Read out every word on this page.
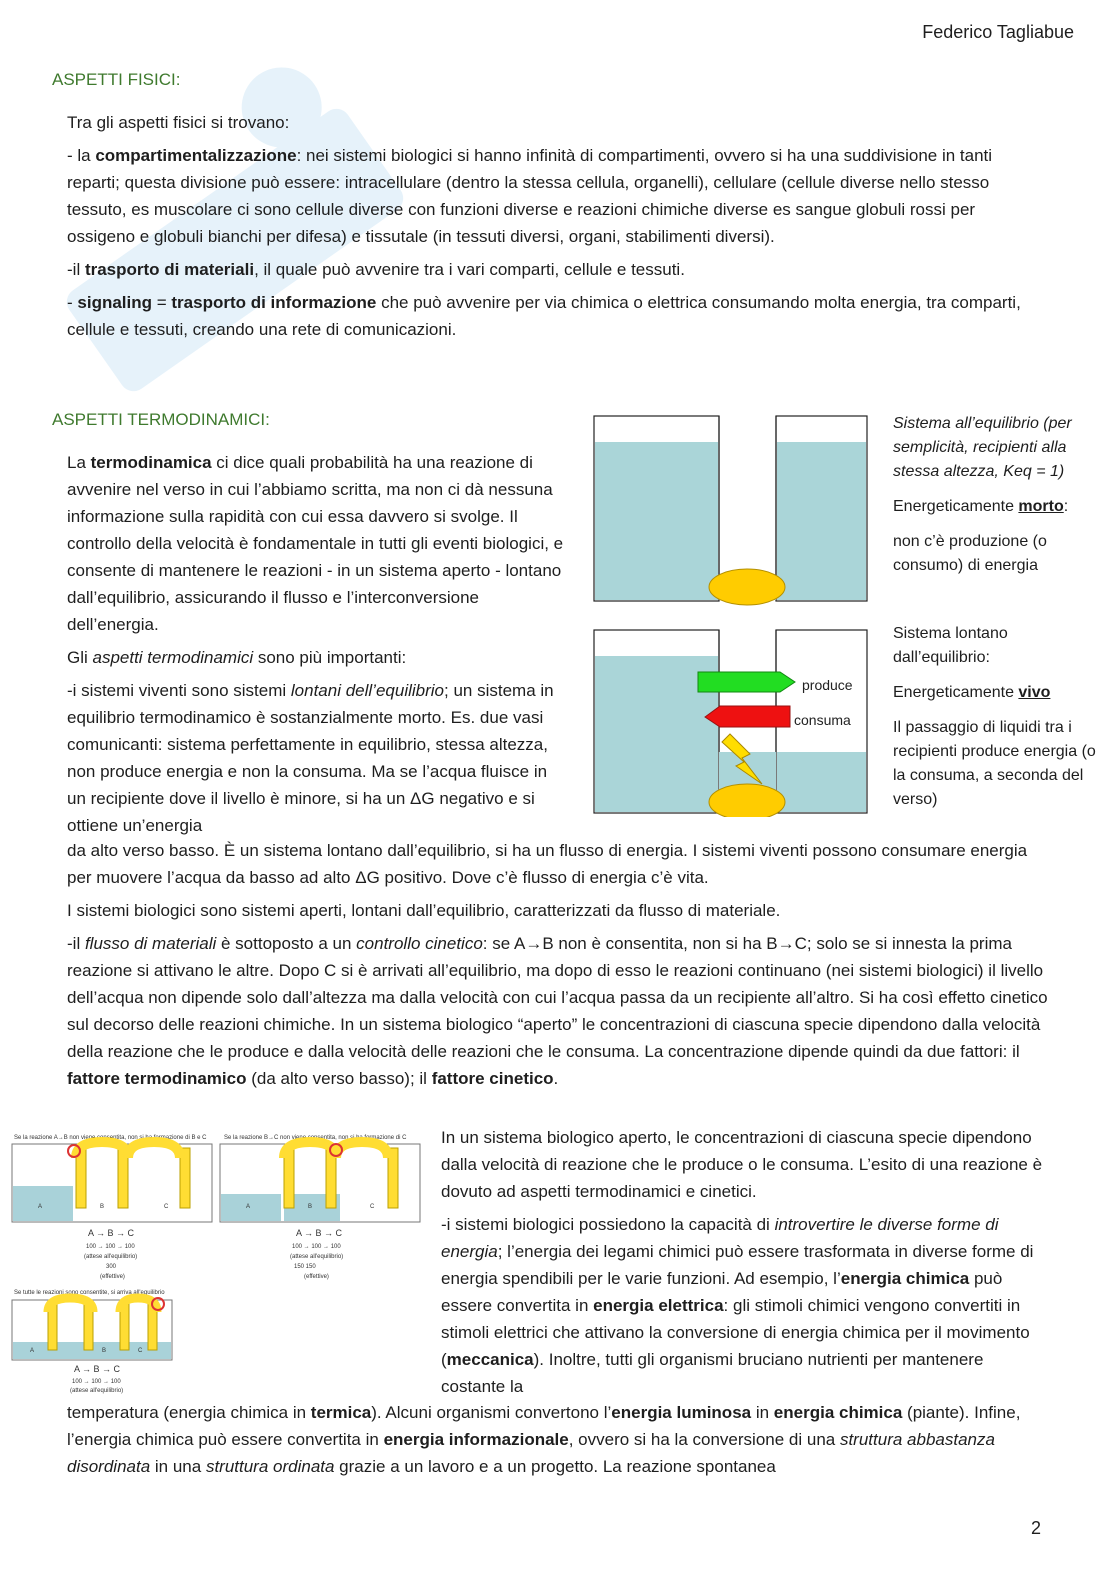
Federico Tagliabue
ASPETTI FISICI:

Tra gli aspetti fisici si trovano:

- la compartimentalizzazione: nei sistemi biologici si hanno infinità di compartimenti, ovvero si ha una suddivisione in tanti reparti; questa divisione può essere: intracellulare (dentro la stessa cellula, organelli), cellulare (cellule diverse nello stesso tessuto, es muscolare ci sono cellule diverse con funzioni diverse e reazioni chimiche diverse es sangue globuli rossi per ossigeno e globuli bianchi per difesa) e tissutale (in tessuti diversi, organi, stabilimenti diversi).

-il trasporto di materiali, il quale può avvenire tra i vari comparti, cellule e tessuti.

- signaling = trasporto di informazione che può avvenire per via chimica o elettrica consumando molta energia, tra comparti, cellule e tessuti, creando una rete di comunicazioni.

ASPETTI TERMODINAMICI:

La termodinamica ci dice quali probabilità ha una reazione di avvenire nel verso in cui l’abbiamo scritta, ma non ci dà nessuna informazione sulla rapidità con cui essa davvero si svolge. Il controllo della velocità è fondamentale in tutti gli eventi biologici, e consente di mantenere le reazioni - in un sistema aperto - lontano dall’equilibrio, assicurando il flusso e l’interconversione dell’energia.

Gli aspetti termodinamici sono più importanti:

-i sistemi viventi sono sistemi lontani dell’equilibrio; un sistema in equilibrio termodinamico è sostanzialmente morto. Es. due vasi comunicanti: sistema perfettamente in equilibrio, stessa altezza, non produce energia e non la consuma. Ma se l’acqua fluisce in un recipiente dove il livello è minore, si ha un ΔG negativo e si ottiene un’energia

produce
consuma

Sistema all’equilibrio (per semplicità, recipienti alla stessa altezza, Keq = 1)

Energeticamente morto:

non c’è produzione (o consumo) di energia

Sistema lontano dall’equilibrio:

Energeticamente vivo

Il passaggio di liquidi tra i recipienti produce energia (o la consuma, a seconda del verso)

da alto verso basso. È un sistema lontano dall’equilibrio, si ha un flusso di energia. I sistemi viventi possono consumare energia per muovere l’acqua da basso ad alto ΔG positivo. Dove c’è flusso di energia c’è vita.

I sistemi biologici sono sistemi aperti, lontani dall’equilibrio, caratterizzati da flusso di materiale.

-il flusso di materiali è sottoposto a un controllo cinetico: se A→B non è consentita, non si ha B→C; solo se si innesta la prima reazione si attivano le altre. Dopo C si è arrivati all’equilibrio, ma dopo di esso le reazioni continuano (nei sistemi biologici) il livello dell’acqua non dipende solo dall’altezza ma dalla velocità con cui l’acqua passa da un recipiente all’altro. Si ha così effetto cinetico sul decorso delle reazioni chimiche. In un sistema biologico “aperto” le concentrazioni di ciascuna specie dipendono dalla velocità della reazione che le produce e dalla velocità delle reazioni che le consuma. La concentrazione dipende quindi da due fattori: il fattore termodinamico (da alto verso basso); il fattore cinetico.

Se la reazione A→B non viene consentita, non si ha formazione di B e C
A	B	C
A → B → C
100 → 100 → 100
(attese all'equilibrio)
300
(effettive)
Se la reazione B→C non viene consentita, non si ha formazione di C
A	B	C
A → B → C
100 → 100 → 100
(attese all'equilibrio)
150 150
(effettive)
Se tutte le reazioni sono consentite, si arriva all'equilibrio
A	B	C
A → B → C
100 → 100 → 100
(attese all'equilibrio)

In un sistema biologico aperto, le concentrazioni di ciascuna specie dipendono dalla velocità di reazione che le produce o le consuma. L’esito di una reazione è dovuto ad aspetti termodinamici e cinetici.

-i sistemi biologici possiedono la capacità di introvertire le diverse forme di energia; l’energia dei legami chimici può essere trasformata in diverse forme di energia spendibili per le varie funzioni. Ad esempio, l’energia chimica può essere convertita in energia elettrica: gli stimoli chimici vengono convertiti in stimoli elettrici che attivano la conversione di energia chimica per il movimento (meccanica). Inoltre, tutti gli organismi bruciano nutrienti per mantenere costante la

temperatura (energia chimica in termica). Alcuni organismi convertono l’energia luminosa in energia chimica (piante). Infine, l’energia chimica può essere convertita in energia informazionale, ovvero si ha la conversione di una struttura abbastanza disordinata in una struttura ordinata grazie a un lavoro e a un progetto. La reazione spontanea

2
